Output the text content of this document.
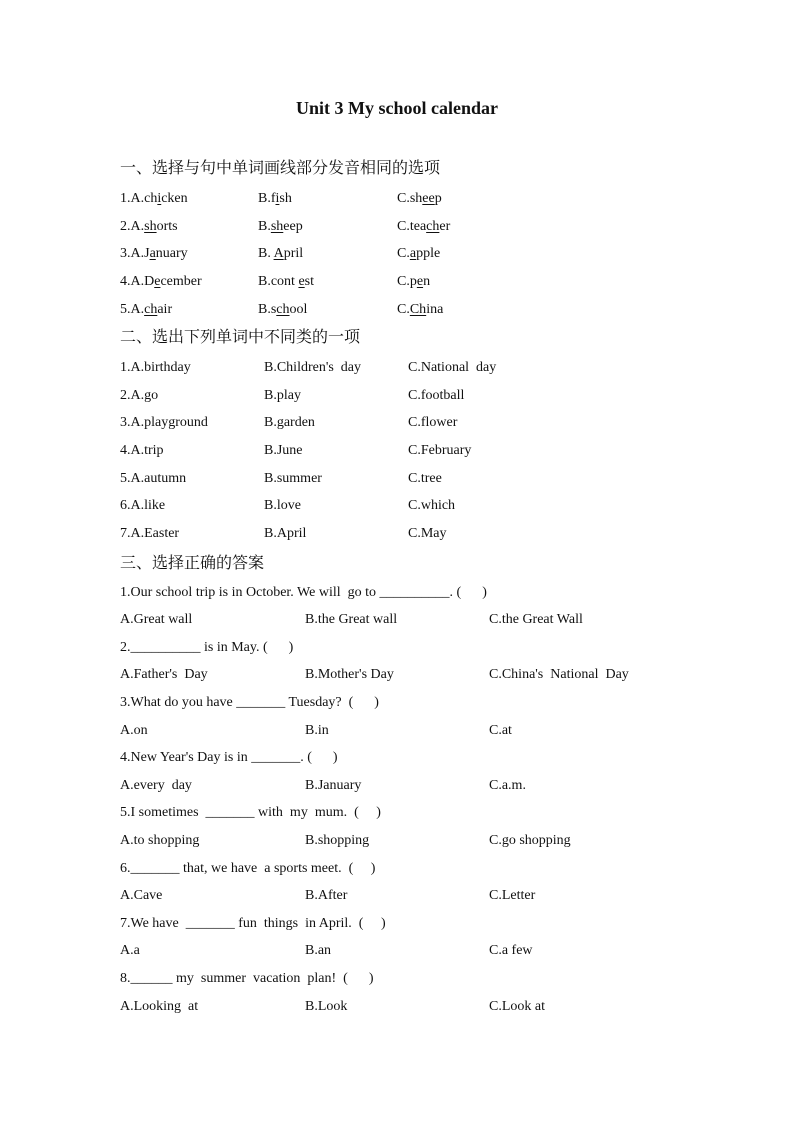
Unit 3 My school calendar
一、选择与句中单词画线部分发音相同的选项
1.A.chicken	B.fish	C.sheep
2.A.shorts	B.sheep	C.teacher
3.A.January	B. April	C.apple
4.A.December	B.cont est	C.pen
5.A.chair	B.school	C.China
二、选出下列单词中不同类的一项
1.A.birthday	B.Children's  day	C.National  day
2.A.go	B.play	C.football
3.A.playground	B.garden	C.flower
4.A.trip	B.June	C.February
5.A.autumn	B.summer	C.tree
6.A.like	B.love	C.which
7.A.Easter	B.April	C.May
三、选择正确的答案
1.Our school trip is in October. We will  go to __________. (      )
A.Great wall	B.the Great wall	C.the Great Wall
2.__________ is in May. (      )
A.Father's  Day	B.Mother's Day	C.China's  National  Day
3.What do you have _______ Tuesday?  (      )
A.on	B.in	C.at
4.New Year's Day is in _______. (      )
A.every  day	B.January	C.a.m.
5.I sometimes  _______ with  my  mum.  (     )
A.to shopping	B.shopping	C.go shopping
6._______ that, we have  a sports meet.  (     )
A.Cave	B.After	C.Letter
7.We have  _______ fun  things  in April.  (     )
A.a	B.an	C.a few
8.______ my  summer  vacation  plan!  (      )
A.Looking  at	B.Look	C.Look at
